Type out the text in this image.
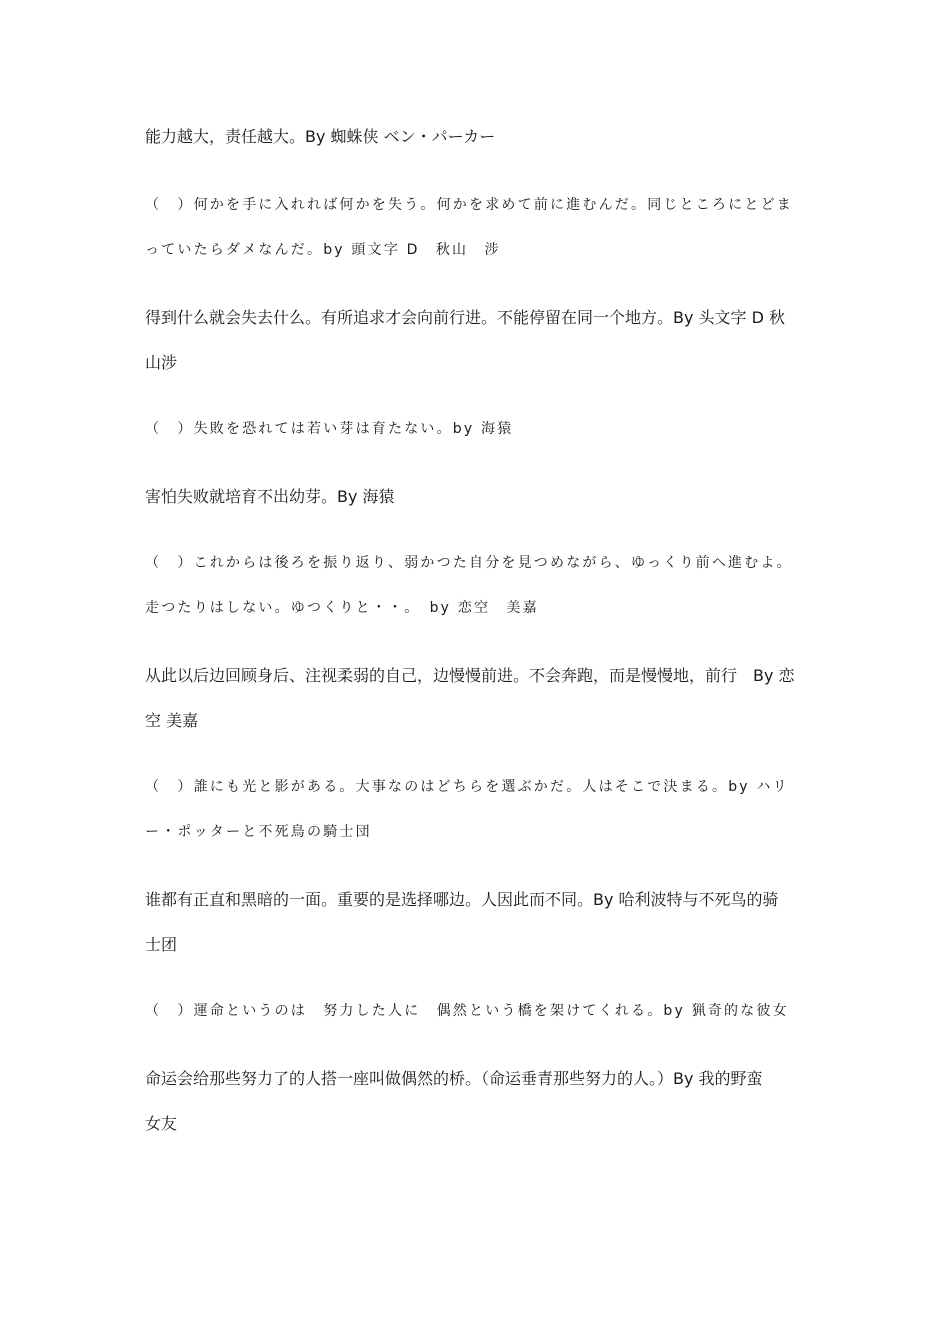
能力越大，责任越大。By 蜘蛛侠 ベン・パーカー
（　）何かを手に入れれば何かを失う。何かを求めて前に進むんだ。同じところにとどま
っていたらダメなんだ。by 頭文字 D　秋山　涉
得到什么就会失去什么。有所追求才会向前行进。不能停留在同一个地方。By 头文字 D 秋
山涉
（　）失敗を恐れては若い芽は育たない。by 海猿
害怕失败就培育不出幼芽。By 海猿
（　）これからは後ろを振り返り、弱かつた自分を見つめながら、ゆっくり前へ進むよ。
走つたりはしない。ゆつくりと・・。　by 恋空　美嘉
从此以后边回顾身后、注视柔弱的自己，边慢慢前进。不会奔跑，而是慢慢地，前行　By 恋
空 美嘉
（　）誰にも光と影がある。大事なのはどちらを選ぶかだ。人はそこで決まる。by ハリ
ー・ポッターと不死鳥の騎士団
谁都有正直和黑暗的一面。重要的是选择哪边。人因此而不同。By 哈利波特与不死鸟的骑
士团
（　）運命というのは　努力した人に　偶然という橋を架けてくれる。by 猟奇的な彼女
命运会给那些努力了的人搭一座叫做偶然的桥。（命运垂青那些努力的人。）By 我的野蛮
女友
